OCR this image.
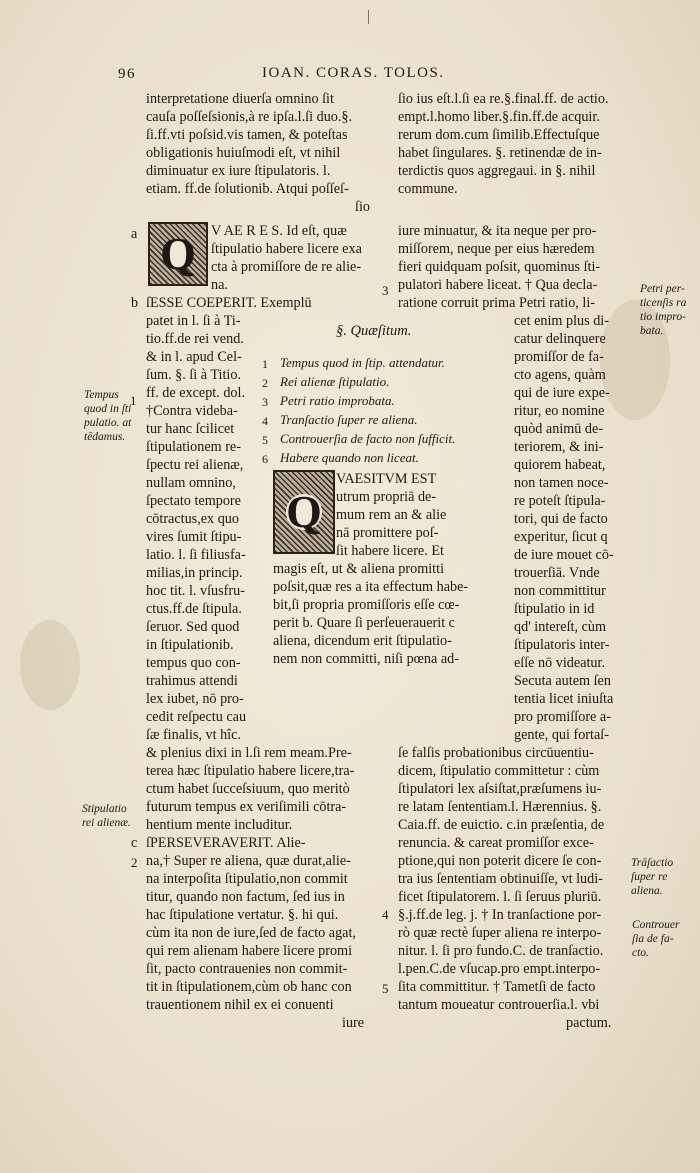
96	IOAN. CORAS. TOLOS.
interpretatione diuerſa omnino ſit
cauſa poſſeſsionis,à re ipſa.l.ſi duo.§.
ſi.ff.vti poſsid.vis tamen, & poteſtas
obligationis huiuſmodi eſt, vt nihil
diminuatur ex iure ſtipulatoris. l.
etiam. ff.de ſolutionib. Atqui poſſeſ-
ſio
ſio ius eſt.l.ſi ea re.§.final.ff. de actio.
empt.l.homo liber.§.fin.ff.de acquir.
rerum dom.cum ſimilib.Effectuſque
habet ſingulares. §. retinendæ de in-
terdictis quos aggregaui. in §. nihil
commune.
a Q V AE R E S. Id eſt, quæ
ſtipulatio habere licere exa
cta à promiſſore de re alie-
na.
iure minuatur, & ita neque per pro-
miſſorem, neque per eius hæredem
fieri quidquam poſsit, quominus ſti-
pulatori habere liceat. † Qua decla-
ratione corruit prima Petri ratio, li-
3
b ſESSE COEPERIT. Exemplū
patet in l. ſi à Ti-
tio.ff.de rei vend.
& in l. apud Cel-
ſum. §. ſi à Titio.
ff. de except. dol.
1
†Contra videba-
tur hanc ſcilicet
ſtipulationem re-
ſpectu rei alienæ,
nullam omnino,
ſpectato tempore
cōtractus,ex quo
vires ſumit ſtipu-
latio. l. ſi filiusfa-
milias,in princip.
hoc tit. l. vſusfru-
ctus.ff.de ſtipula.
ſeruor. Sed quod
in ſtipulationib.
tempus quo con-
trahimus attendi
lex iubet, nō pro-
cedit reſpectu cau
ſæ finalis, vt hîc.
§. Quæſitum.
1 Tempus quod in ſtip. attendatur.
2 Rei alienæ ſtipulatio.
3 Petri ratio improbata.
4 Tranſactio ſuper re aliena.
5 Controuerſia de facto non ſufficit.
6 Habere quando non liceat.
cet enim plus di-
catur delinquere
promiſſor de fa-
cto agens, quàm
qui de iure expe-
ritur, eo nomine
quòd animū de-
teriorem, & ini-
quiorem habeat,
non tamen noce-
re poteſt ſtipula-
tori, qui de facto
experitur, ſicut q
de iure mouet cō-
trouerſiā. Vnde
non committitur
ſtipulatio in id
qd' intereſt, cùm
ſtipulatoris inter-
eſſe nō videatur.
Secuta autem ſen
tentia licet iniuſta
pro promiſſore a-
gente, qui fortaſ-
Q
VAESITVM EST
utrum propriā de-
mum rem an & alie
nā promittere poſ-
ſit habere licere. Et
magis eſt, ut & aliena promitti
poſsit,quæ res a ita effectum habe-
bit,ſi propria promiſſoris eſſe cœ-
perit b. Quare ſi perſeuerauerit c
aliena, dicendum erit ſtipulatio-
nem non committi, niſi pœna ad-
& plenius dixi in l.ſi rem meam.Pre-
terea hæc ſtipulatio habere licere,tra-
ctum habet ſucceſsiuum, quo meritò
futurum tempus ex veriſimili cōtra-
hentium mente includitur.
c
2
ſPERSEVERAVERIT. Alie-
na,† Super re aliena, quæ durat,alie-
na interpoſita ſtipulatio,non commit
titur, quando non factum, ſed ius in
hac ſtipulatione vertatur. §. hi qui.
cùm ita non de iure,ſed de facto agat,
qui rem alienam habere licere promi
ſit, pacto contrauenies non commit-
tit in ſtipulationem,cùm ob hanc con
trauentionem nihil ex ei conuenti
iure
ſe falſis probationibus circūuentiu-
dicem, ſtipulatio committetur : cùm
ſtipulatori lex aſsiſtat,præſumens iu-
re latam ſententiam.l. Hærennius. §.
Caia.ff. de euictio. c.in præſentia, de
renuncia. & careat promiſſor exce-
ptione,qui non poterit dicere ſe con-
tra ius ſententiam obtinuiſſe, vt ludi-
ficet ſtipulatorem. l. ſi ſeruus pluriū.
§.j.ff.de leg. j. † In tranſactione por-
rò quæ rectè ſuper aliena re interpo-
nitur. l. ſi pro fundo.C. de tranſactio.
l.pen.C.de vſucap.pro empt.interpo-
ſita committitur. † Tametſi de facto
tantum moueatur controuerſia.l. vbi
pactum.
4
5
Tempus
quod in ſti
pulatio. at
tēdamus.
Stipulatio
rei alienæ.
Petri per-
ticenſis ra
tio impro-
bata.
Trāſactio
ſuper re
aliena.
Controuer
ſia de fa-
cto.
